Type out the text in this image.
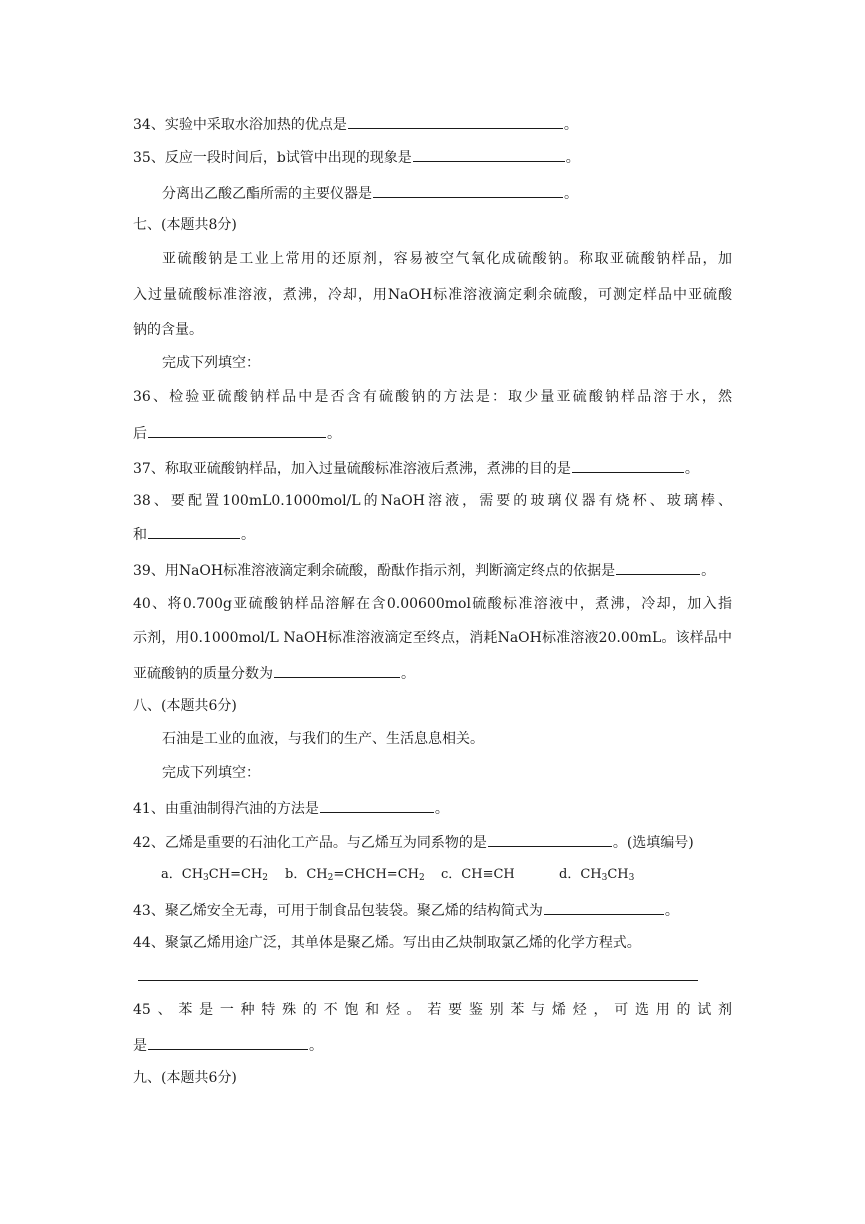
34、实验中采取水浴加热的优点是	。
35、反应一段时间后，b试管中出现的现象是	。
分离出乙酸乙酯所需的主要仪器是	。
七、(本题共8分)
亚硫酸钠是工业上常用的还原剂，容易被空气氧化成硫酸钠。称取亚硫酸钠样品，加
入过量硫酸标准溶液，煮沸，冷却，用NaOH标准溶液滴定剩余硫酸，可测定样品中亚硫酸
钠的含量。
完成下列填空：
36、检验亚硫酸钠样品中是否含有硫酸钠的方法是：取少量亚硫酸钠样品溶于水，然
后	。
37、称取亚硫酸钠样品，加入过量硫酸标准溶液后煮沸，煮沸的目的是	。
38、要配置100mL0.1000mol/L的NaOH溶液，需要的玻璃仪器有烧杯、玻璃棒、
和	。
39、用NaOH标准溶液滴定剩余硫酸，酚酞作指示剂，判断滴定终点的依据是	。
40、将0.700g亚硫酸钠样品溶解在含0.00600mol硫酸标准溶液中，煮沸，冷却，加入指
示剂，用0.1000mol/L NaOH标准溶液滴定至终点，消耗NaOH标准溶液20.00mL。该样品中
亚硫酸钠的质量分数为	。
八、(本题共6分)
石油是工业的血液，与我们的生产、生活息息相关。
完成下列填空：
41、由重油制得汽油的方法是	。
42、乙烯是重要的石油化工产品。与乙烯互为同系物的是	。(选填编号)
a．$CH_3CH=CH_2$ b．$CH_2=CHCH=CH_2$ c．CH≡CH	d．$CH_3CH_3$
43、聚乙烯安全无毒，可用于制食品包装袋。聚乙烯的结构简式为	。
44、聚氯乙烯用途广泛，其单体是聚乙烯。写出由乙炔制取氯乙烯的化学方程式。
45、苯是一种特殊的不饱和烃。若要鉴别苯与烯烃，可选用的试剂
是	。
九、(本题共6分)
